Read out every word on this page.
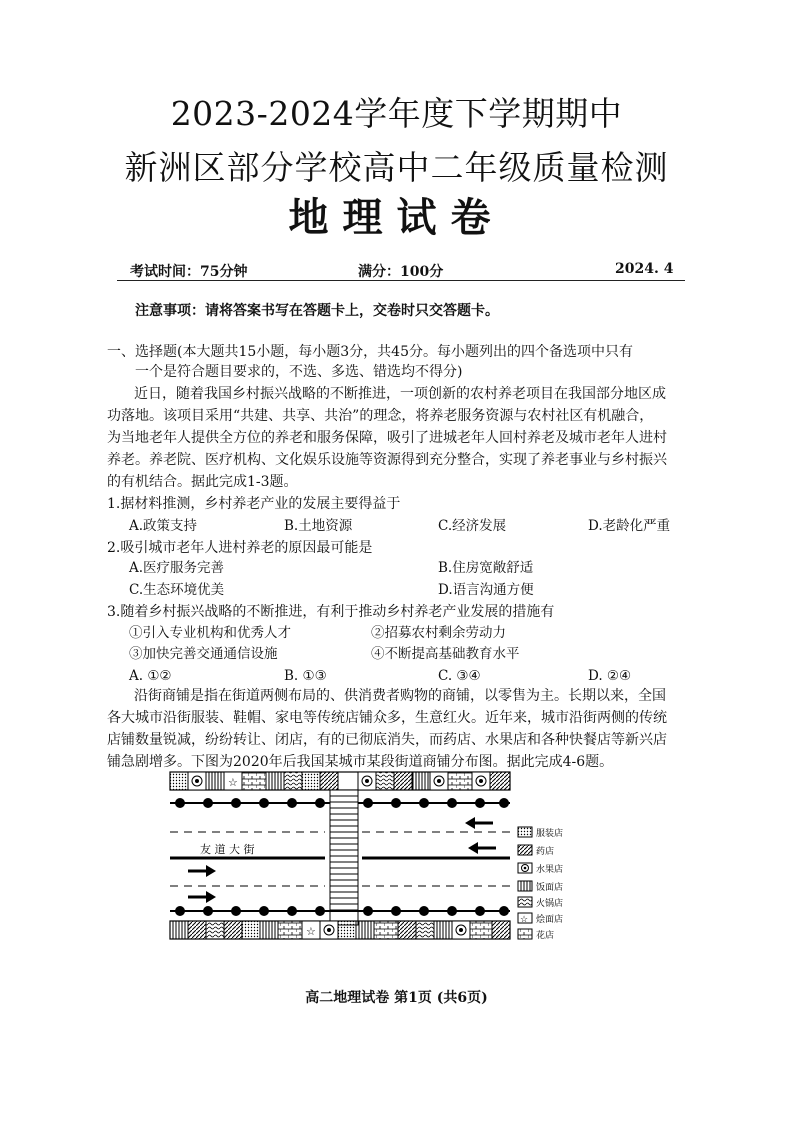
2023-2024学年度下学期期中
新洲区部分学校高中二年级质量检测
地理试卷
考试时间：75分钟	满分：100分	2024. 4
注意事项：请将答案书写在答题卡上，交卷时只交答题卡。
一、选择题(本大题共15小题，每小题3分，共45分。每小题列出的四个备选项中只有
一个是符合题目要求的，不选、多选、错选均不得分)
近日，随着我国乡村振兴战略的不断推进，一项创新的农村养老项目在我国部分地区成
功落地。该项目采用“共建、共享、共治”的理念，将养老服务资源与农村社区有机融合，
为当地老年人提供全方位的养老和服务保障，吸引了进城老年人回村养老及城市老年人进村
养老。养老院、医疗机构、文化娱乐设施等资源得到充分整合，实现了养老事业与乡村振兴
的有机结合。据此完成1-3题。
1.据材料推测，乡村养老产业的发展主要得益于
A.政策支持	B.土地资源	C.经济发展	D.老龄化严重
2.吸引城市老年人进村养老的原因最可能是
A.医疗服务完善	B.住房宽敞舒适
C.生态环境优美	D.语言沟通方便
3.随着乡村振兴战略的不断推进，有利于推动乡村养老产业发展的措施有
①引入专业机构和优秀人才	②招募农村剩余劳动力
③加快完善交通通信设施	④不断提高基础教育水平
A. ①②	B. ①③	C. ③④	D. ②④
沿街商铺是指在街道两侧布局的、供消费者购物的商铺，以零售为主。长期以来，全国
各大城市沿街服装、鞋帽、家电等传统店铺众多，生意红火。近年来，城市沿街两侧的传统
店铺数量锐减，纷纷转让、闭店，有的已彻底消失，而药店、水果店和各种快餐店等新兴店
铺急剧增多。下图为2020年后我国某城市某段街道商铺分布图。据此完成4-6题。
☆
友 道 大 街
☆
服装店
药店
水果店
饭面店
火锅店
☆ 烩面店
花店
高二地理试卷 第1页 (共6页)
